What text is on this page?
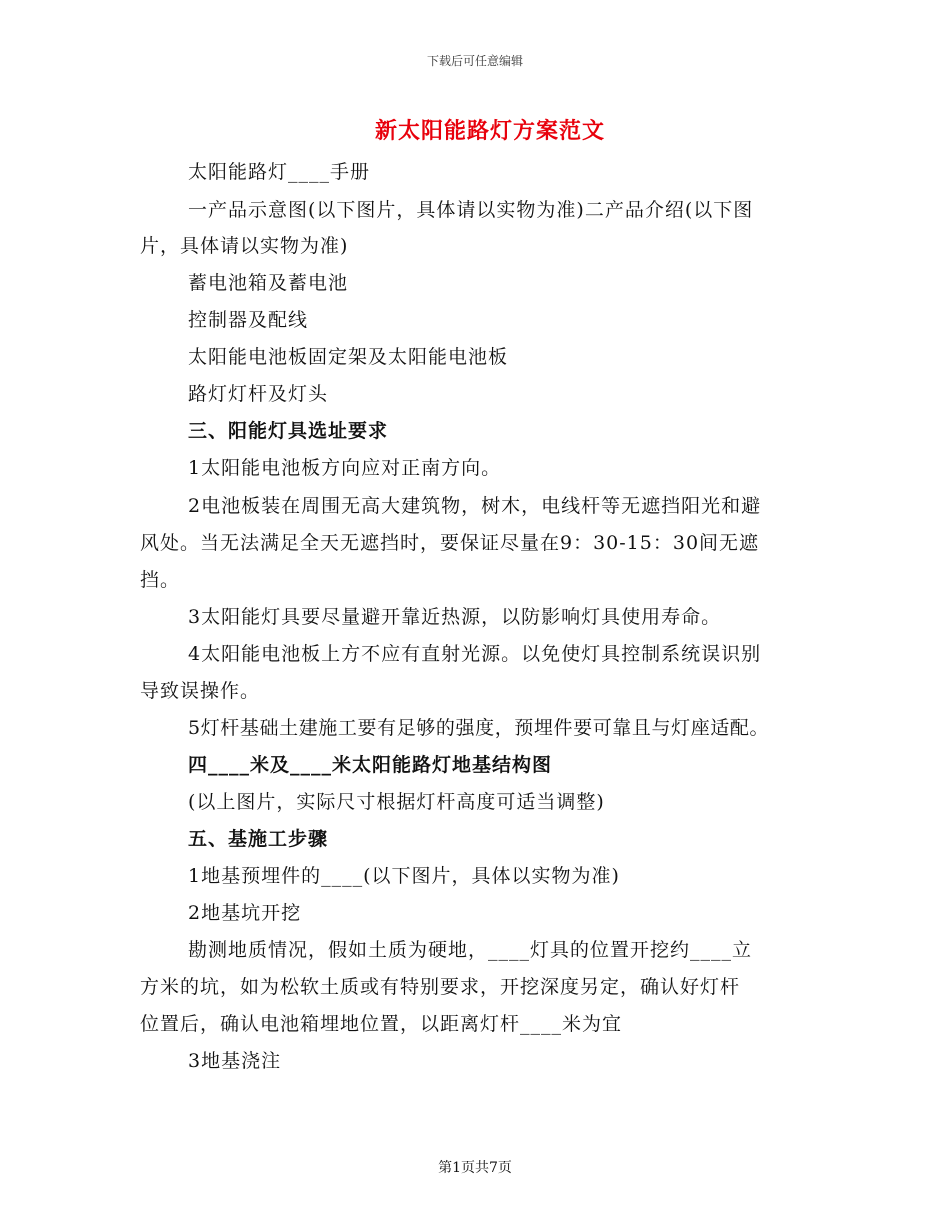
下载后可任意编辑
新太阳能路灯方案范文
太阳能路灯____手册
一产品示意图(以下图片，具体请以实物为准)二产品介绍(以下图
片，具体请以实物为准)
蓄电池箱及蓄电池
控制器及配线
太阳能电池板固定架及太阳能电池板
路灯灯杆及灯头
三、阳能灯具选址要求
1太阳能电池板方向应对正南方向。
2电池板装在周围无高大建筑物，树木，电线杆等无遮挡阳光和避
风处。当无法满足全天无遮挡时，要保证尽量在9：30-15：30间无遮
挡。
3太阳能灯具要尽量避开靠近热源，以防影响灯具使用寿命。
4太阳能电池板上方不应有直射光源。以免使灯具控制系统误识别
导致误操作。
5灯杆基础土建施工要有足够的强度，预埋件要可靠且与灯座适配。
四____米及____米太阳能路灯地基结构图
(以上图片，实际尺寸根据灯杆高度可适当调整)
五、基施工步骤
1地基预埋件的____(以下图片，具体以实物为准)
2地基坑开挖
勘测地质情况，假如土质为硬地，____灯具的位置开挖约____立
方米的坑，如为松软土质或有特别要求，开挖深度另定，确认好灯杆
位置后，确认电池箱埋地位置，以距离灯杆____米为宜
3地基浇注
第1页共7页
